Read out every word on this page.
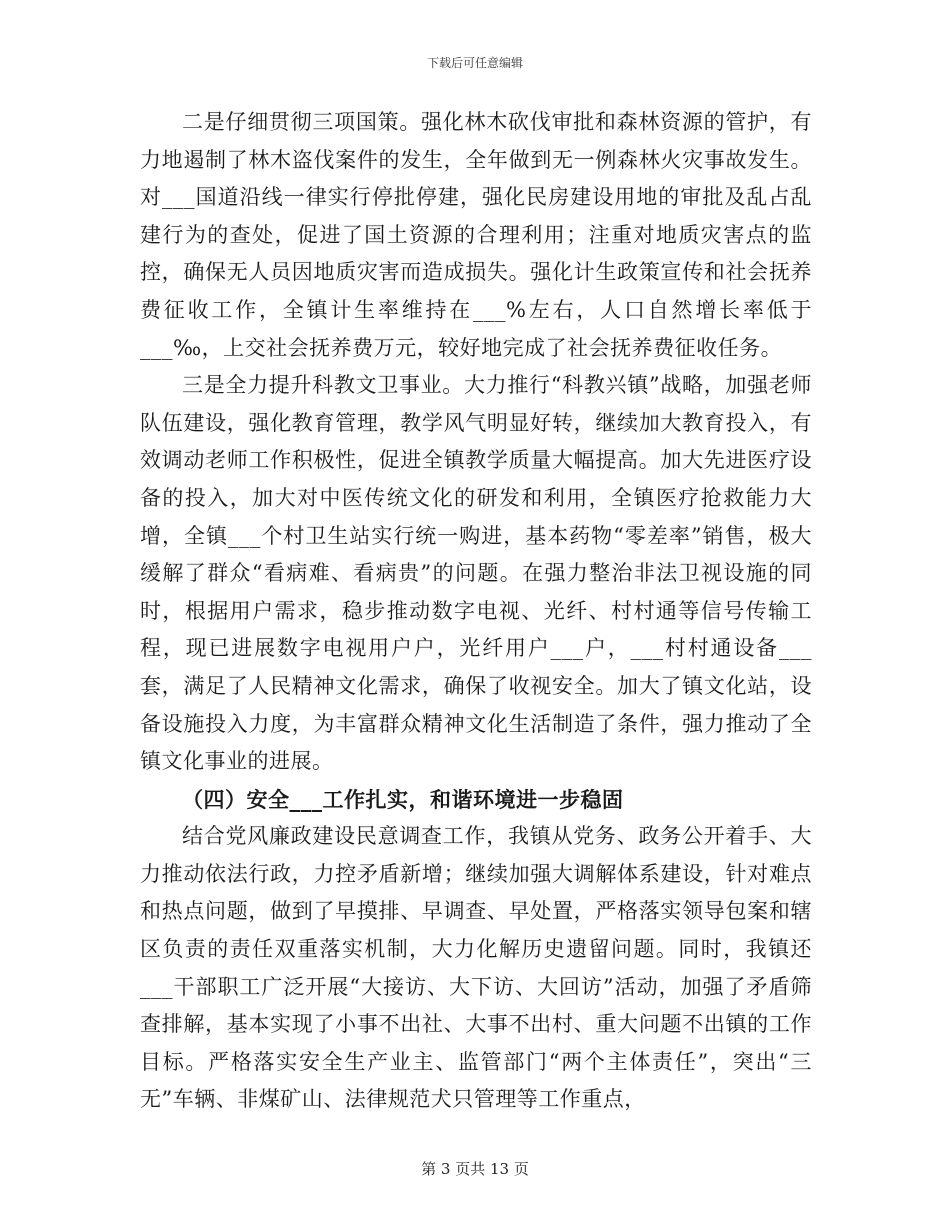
下载后可任意编辑

二是仔细贯彻三项国策。强化林木砍伐审批和森林资源的管护，有力地遏制了林木盗伐案件的发生，全年做到无一例森林火灾事故发生。对___国道沿线一律实行停批停建，强化民房建设用地的审批及乱占乱建行为的查处，促进了国土资源的合理利用；注重对地质灾害点的监控，确保无人员因地质灾害而造成损失。强化计生政策宣传和社会抚养费征收工作，全镇计生率维持在___%左右，人口自然增长率低于___‰，上交社会抚养费万元，较好地完成了社会抚养费征收任务。

三是全力提升科教文卫事业。大力推行“科教兴镇”战略，加强老师队伍建设，强化教育管理，教学风气明显好转，继续加大教育投入，有效调动老师工作积极性，促进全镇教学质量大幅提高。加大先进医疗设备的投入，加大对中医传统文化的研发和利用，全镇医疗抢救能力大增，全镇___个村卫生站实行统一购进，基本药物“零差率”销售，极大缓解了群众“看病难、看病贵”的问题。在强力整治非法卫视设施的同时，根据用户需求，稳步推动数字电视、光纤、村村通等信号传输工程，现已进展数字电视用户户，光纤用户___户，___村村通设备___套，满足了人民精神文化需求，确保了收视安全。加大了镇文化站，设备设施投入力度，为丰富群众精神文化生活制造了条件，强力推动了全镇文化事业的进展。

（四）安全___工作扎实，和谐环境进一步稳固

结合党风廉政建设民意调查工作，我镇从党务、政务公开着手、大力推动依法行政，力控矛盾新增；继续加强大调解体系建设，针对难点和热点问题，做到了早摸排、早调查、早处置，严格落实领导包案和辖区负责的责任双重落实机制，大力化解历史遗留问题。同时，我镇还___干部职工广泛开展“大接访、大下访、大回访”活动，加强了矛盾筛查排解，基本实现了小事不出社、大事不出村、重大问题不出镇的工作目标。严格落实安全生产业主、监管部门“两个主体责任”，突出“三无”车辆、非煤矿山、法律规范犬只管理等工作重点，

第 3 页共 13 页
